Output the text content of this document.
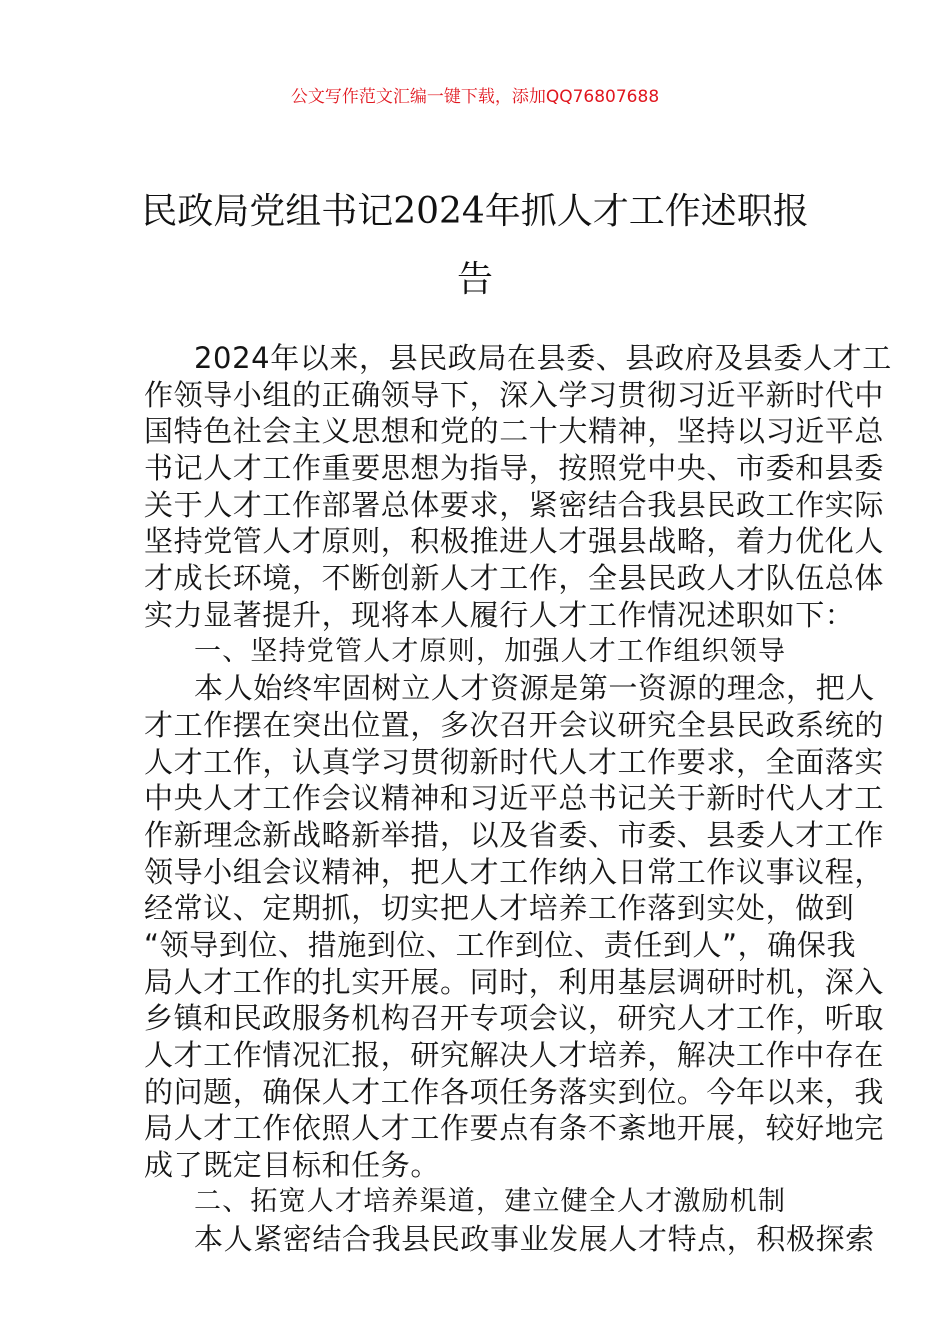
公文写作范文汇编一键下载，添加QQ76807688
民政局党组书记2024年抓人才工作述职报
告
2024年以来，县民政局在县委、县政府及县委人才工
作领导小组的正确领导下，深入学习贯彻习近平新时代中
国特色社会主义思想和党的二十大精神，坚持以习近平总
书记人才工作重要思想为指导，按照党中央、市委和县委
关于人才工作部署总体要求，紧密结合我县民政工作实际
坚持党管人才原则，积极推进人才强县战略，着力优化人
才成长环境，不断创新人才工作，全县民政人才队伍总体
实力显著提升，现将本人履行人才工作情况述职如下：
一、坚持党管人才原则，加强人才工作组织领导
本人始终牢固树立人才资源是第一资源的理念，把人
才工作摆在突出位置，多次召开会议研究全县民政系统的
人才工作，认真学习贯彻新时代人才工作要求，全面落实
中央人才工作会议精神和习近平总书记关于新时代人才工
作新理念新战略新举措，以及省委、市委、县委人才工作
领导小组会议精神，把人才工作纳入日常工作议事议程，
经常议、定期抓，切实把人才培养工作落到实处，做到
“领导到位、措施到位、工作到位、责任到人”，确保我
局人才工作的扎实开展。同时，利用基层调研时机，深入
乡镇和民政服务机构召开专项会议，研究人才工作，听取
人才工作情况汇报，研究解决人才培养，解决工作中存在
的问题，确保人才工作各项任务落实到位。今年以来，我
局人才工作依照人才工作要点有条不紊地开展，较好地完
成了既定目标和任务。
二、拓宽人才培养渠道，建立健全人才激励机制
本人紧密结合我县民政事业发展人才特点，积极探索
